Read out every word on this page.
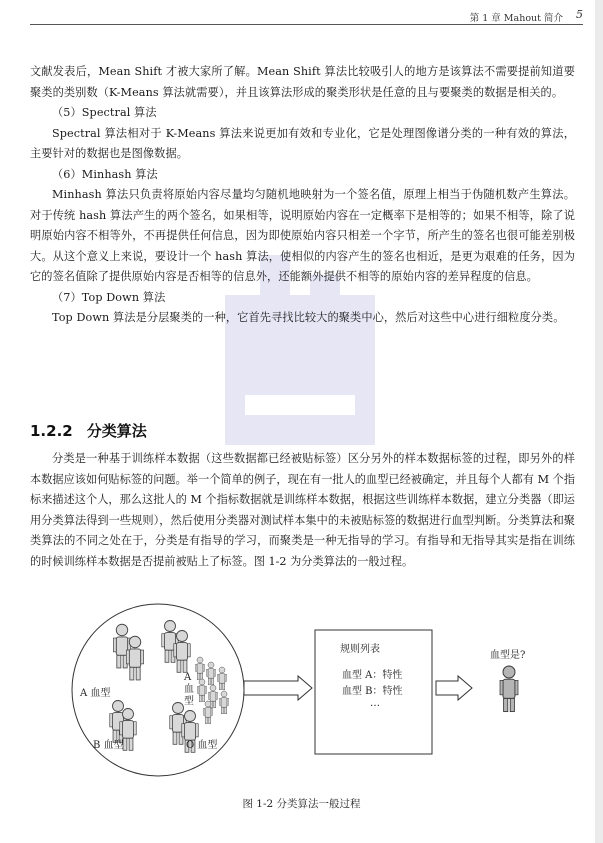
第 1 章 Mahout 简介 5

文献发表后，Mean Shift 才被大家所了解。Mean Shift 算法比较吸引人的地方是该算法不需要提前知道要聚类的类别数（K-Means 算法就需要），并且该算法形成的聚类形状是任意的且与要聚类的数据是相关的。

（5）Spectral 算法

Spectral 算法相对于 K-Means 算法来说更加有效和专业化，它是处理图像谱分类的一种有效的算法，主要针对的数据也是图像数据。

（6）Minhash 算法

Minhash 算法只负责将原始内容尽量均匀随机地映射为一个签名值，原理上相当于伪随机数产生算法。对于传统 hash 算法产生的两个签名，如果相等，说明原始内容在一定概率下是相等的；如果不相等，除了说明原始内容不相等外，不再提供任何信息，因为即使原始内容只相差一个字节，所产生的签名也很可能差别极大。从这个意义上来说，要设计一个 hash 算法，使相似的内容产生的签名也相近，是更为艰难的任务，因为它的签名值除了提供原始内容是否相等的信息外，还能额外提供不相等的原始内容的差异程度的信息。

（7）Top Down 算法

Top Down 算法是分层聚类的一种，它首先寻找比较大的聚类中心，然后对这些中心进行细粒度分类。

1.2.2 分类算法

分类是一种基于训练样本数据（这些数据都已经被贴标签）区分另外的样本数据标签的过程，即另外的样本数据应该如何贴标签的问题。举一个简单的例子，现在有一批人的血型已经被确定，并且每个人都有 M 个指标来描述这个人，那么这批人的 M 个指标数据就是训练样本数据，根据这些训练样本数据，建立分类器（即运用分类算法得到一些规则），然后使用分类器对测试样本集中的未被贴标签的数据进行血型判断。分类算法和聚类算法的不同之处在于，分类是有指导的学习，而聚类是一种无指导的学习。有指导和无指导其实是指在训练的时候训练样本数据是否提前被贴上了标签。图 1-2 为分类算法的一般过程。

A 血型
A
血
型
B 血型	O 血型
规则列表
血型 A：特性
血型 B：特性
…
血型是?
图 1-2 分类算法一般过程
